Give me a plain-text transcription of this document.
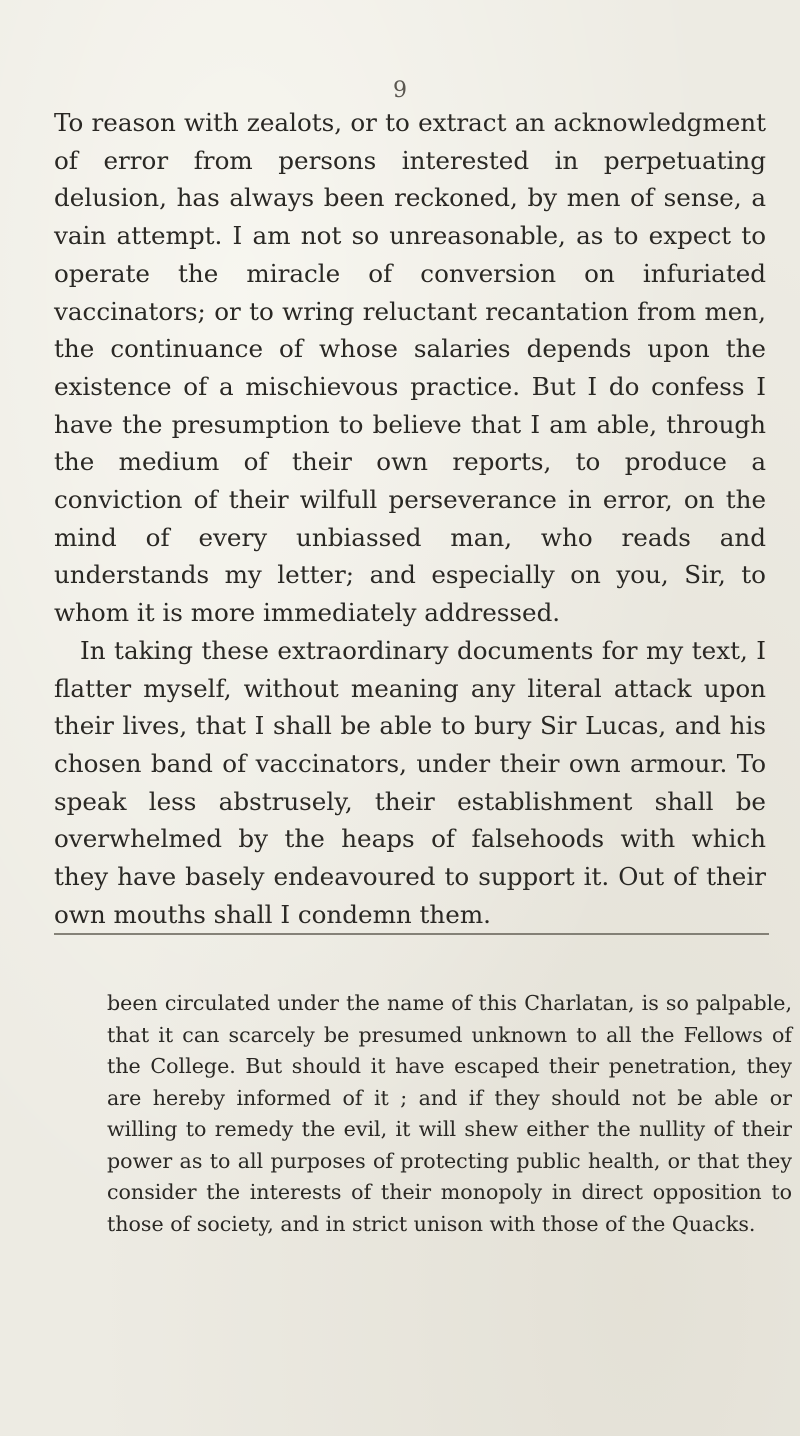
9

To reason with zealots, or to extract an acknowledgment of error from persons interested in perpetuating delusion, has always been reckoned, by men of sense, a vain attempt. I am not so unreasonable, as to expect to operate the miracle of conversion on infuriated vaccinators; or to wring reluctant recantation from men, the continuance of whose salaries depends upon the existence of a mischievous practice. But I do confess I have the presumption to believe that I am able, through the medium of their own reports, to produce a conviction of their wilfull perseverance in error, on the mind of every unbiassed man, who reads and understands my letter; and especially on you, Sir, to whom it is more immediately addressed.

In taking these extraordinary documents for my text, I flatter myself, without meaning any literal attack upon their lives, that I shall be able to bury Sir Lucas, and his chosen band of vaccinators, under their own armour. To speak less abstrusely, their establishment shall be overwhelmed by the heaps of falsehoods with which they have basely endeavoured to support it. Out of their own mouths shall I condemn them.

been circulated under the name of this Charlatan, is so palpable, that it can scarcely be presumed unknown to all the Fellows of the College. But should it have escaped their penetration, they are hereby informed of it ; and if they should not be able or willing to remedy the evil, it will shew either the nullity of their power as to all purposes of protecting public health, or that they consider the interests of their monopoly in direct opposition to those of society, and in strict unison with those of the Quacks.
